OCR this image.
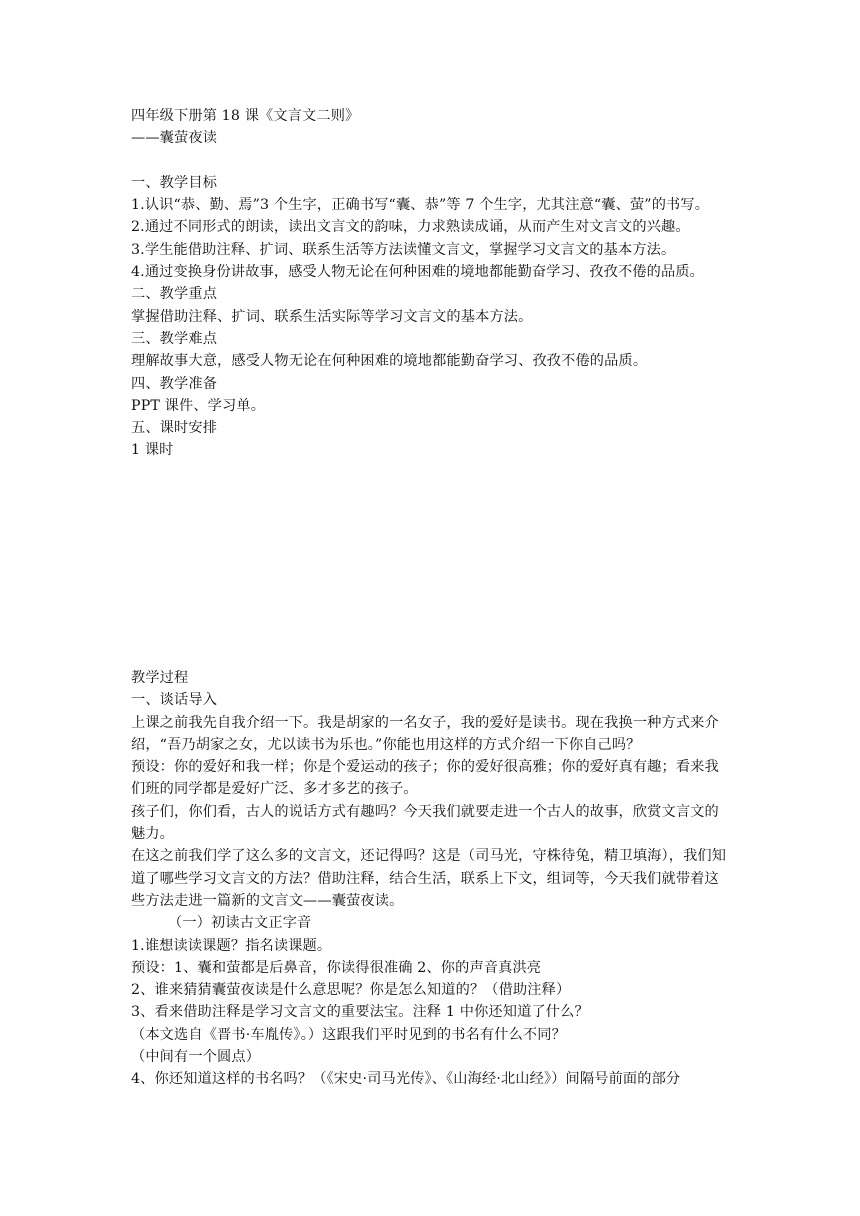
四年级下册第 18 课《文言文二则》
——囊萤夜读
一、教学目标
1.认识“恭、勤、焉”3 个生字，正确书写“囊、恭”等 7 个生字，尤其注意“囊、萤”的书写。
2.通过不同形式的朗读，读出文言文的韵味，力求熟读成诵，从而产生对文言文的兴趣。
3.学生能借助注释、扩词、联系生活等方法读懂文言文，掌握学习文言文的基本方法。
4.通过变换身份讲故事，感受人物无论在何种困难的境地都能勤奋学习、孜孜不倦的品质。
二、教学重点
掌握借助注释、扩词、联系生活实际等学习文言文的基本方法。
三、教学难点
理解故事大意，感受人物无论在何种困难的境地都能勤奋学习、孜孜不倦的品质。
四、教学准备
PPT 课件、学习单。
五、课时安排
1 课时
教学过程
一、谈话导入
上课之前我先自我介绍一下。我是胡家的一名女子，我的爱好是读书。现在我换一种方式来介绍，“吾乃胡家之女，尤以读书为乐也。”你能也用这样的方式介绍一下你自己吗？
预设：你的爱好和我一样；你是个爱运动的孩子；你的爱好很高雅；你的爱好真有趣；看来我们班的同学都是爱好广泛、多才多艺的孩子。
孩子们，你们看，古人的说话方式有趣吗？今天我们就要走进一个古人的故事，欣赏文言文的魅力。
在这之前我们学了这么多的文言文，还记得吗？这是（司马光，守株待兔，精卫填海），我们知道了哪些学习文言文的方法？借助注释，结合生活，联系上下文，组词等，今天我们就带着这些方法走进一篇新的文言文——囊萤夜读。
（一）初读古文正字音
1.谁想读读课题？指名读课题。
预设：1、囊和萤都是后鼻音，你读得很准确 2、你的声音真洪亮
2、谁来猜猜囊萤夜读是什么意思呢？你是怎么知道的？（借助注释）
3、看来借助注释是学习文言文的重要法宝。注释 1 中你还知道了什么？
（本文选自《晋书·车胤传》。）这跟我们平时见到的书名有什么不同？
（中间有一个圆点）
4、你还知道这样的书名吗？（《宋史·司马光传》、《山海经·北山经》）间隔号前面的部分
